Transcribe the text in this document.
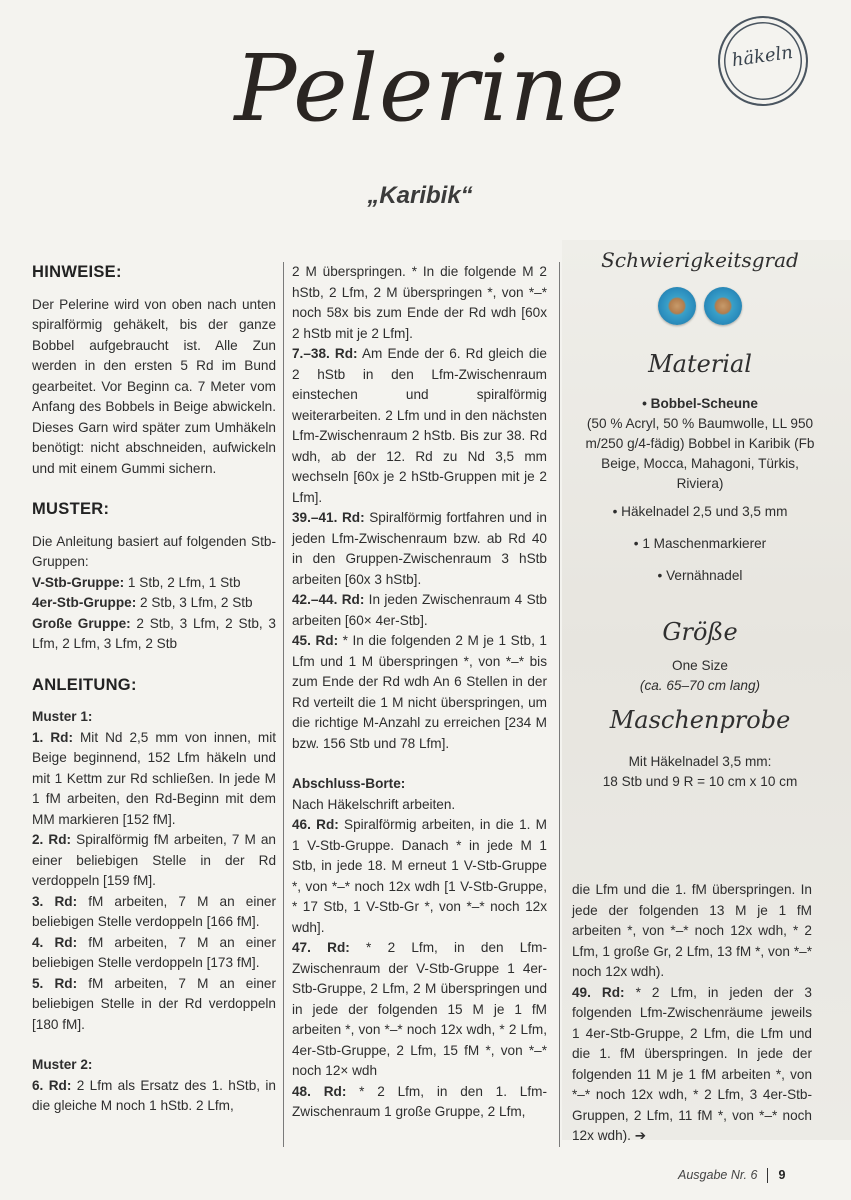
häkeln
Pelerine
„Karibik“
HINWEISE:

Der Pelerine wird von oben nach unten spiralförmig gehäkelt, bis der ganze Bobbel aufgebraucht ist. Alle Zun werden in den ersten 5 Rd im Bund gearbeitet. Vor Beginn ca. 7 Meter vom Anfang des Bobbels in Beige abwickeln. Dieses Garn wird später zum Umhäkeln benötigt: nicht abschneiden, aufwickeln und mit einem Gummi sichern.

MUSTER:

Die Anleitung basiert auf folgenden Stb-Gruppen:

V-Stb-Gruppe: 1 Stb, 2 Lfm, 1 Stb

4er-Stb-Gruppe: 2 Stb, 3 Lfm, 2 Stb

Große Gruppe: 2 Stb, 3 Lfm, 2 Stb, 3 Lfm, 2 Lfm, 3 Lfm, 2 Stb

ANLEITUNG:

Muster 1:

1. Rd: Mit Nd 2,5 mm von innen, mit Beige beginnend, 152 Lfm häkeln und mit 1 Kettm zur Rd schließen. In jede M 1 fM arbeiten, den Rd-Beginn mit dem MM markieren [152 fM].

2. Rd: Spiralförmig fM arbeiten, 7 M an einer beliebigen Stelle in der Rd verdoppeln [159 fM].

3. Rd: fM arbeiten, 7 M an einer beliebigen Stelle verdoppeln [166 fM].

4. Rd: fM arbeiten, 7 M an einer beliebigen Stelle verdoppeln [173 fM].

5. Rd: fM arbeiten, 7 M an einer beliebigen Stelle in der Rd verdoppeln [180 fM].

Muster 2:

6. Rd: 2 Lfm als Ersatz des 1. hStb, in die gleiche M noch 1 hStb. 2 Lfm,

2 M überspringen. * In die folgende M 2 hStb, 2 Lfm, 2 M überspringen *, von *–* noch 58x bis zum Ende der Rd wdh [60x 2 hStb mit je 2 Lfm].

7.–38. Rd: Am Ende der 6. Rd gleich die 2 hStb in den Lfm-Zwischenraum einstechen und spiralförmig weiterarbeiten. 2 Lfm und in den nächsten Lfm-Zwischenraum 2 hStb. Bis zur 38. Rd wdh, ab der 12. Rd zu Nd 3,5 mm wechseln [60x je 2 hStb-Gruppen mit je 2 Lfm].

39.–41. Rd: Spiralförmig fortfahren und in jeden Lfm-Zwischenraum bzw. ab Rd 40 in den Gruppen-Zwischenraum 3 hStb arbeiten [60x 3 hStb].

42.–44. Rd: In jeden Zwischenraum 4 Stb arbeiten [60× 4er-Stb].

45. Rd: * In die folgenden 2 M je 1 Stb, 1 Lfm und 1 M überspringen *, von *–* bis zum Ende der Rd wdh An 6 Stellen in der Rd verteilt die 1 M nicht überspringen, um die richtige M-Anzahl zu erreichen [234 M bzw. 156 Stb und 78 Lfm].

Abschluss-Borte:

Nach Häkelschrift arbeiten.

46. Rd: Spiralförmig arbeiten, in die 1. M 1 V-Stb-Gruppe. Danach * in jede M 1 Stb, in jede 18. M erneut 1 V-Stb-Gruppe *, von *–* noch 12x wdh [1 V-Stb-Gruppe, * 17 Stb, 1 V-Stb-Gr *, von *–* noch 12x wdh].

47. Rd: * 2 Lfm, in den Lfm-Zwischenraum der V-Stb-Gruppe 1 4er-Stb-Gruppe, 2 Lfm, 2 M überspringen und in jede der folgenden 15 M je 1 fM arbeiten *, von *–* noch 12x wdh, * 2 Lfm, 4er-Stb-Gruppe, 2 Lfm, 15 fM *, von *–* noch 12× wdh

48. Rd: * 2 Lfm, in den 1. Lfm-Zwischenraum 1 große Gruppe, 2 Lfm,

Schwierigkeitsgrad
Material
• Bobbel-Scheune
(50 % Acryl, 50 % Baumwolle, LL 950 m/250 g/4-fädig) Bobbel in Karibik (Fb Beige, Mocca, Mahagoni, Türkis, Riviera)
• Häkelnadel 2,5 und 3,5 mm
• 1 Maschenmarkierer
• Vernähnadel
Größe
One Size
(ca. 65–70 cm lang)
Maschenprobe
Mit Häkelnadel 3,5 mm:
18 Stb und 9 R = 10 cm x 10 cm

die Lfm und die 1. fM überspringen. In jede der folgenden 13 M je 1 fM arbeiten *, von *–* noch 12x wdh, * 2 Lfm, 1 große Gr, 2 Lfm, 13 fM *, von *–* noch 12x wdh).

49. Rd: * 2 Lfm, in jeden der 3 folgenden Lfm-Zwischenräume jeweils 1 4er-Stb-Gruppe, 2 Lfm, die Lfm und die 1. fM überspringen. In jede der folgenden 11 M je 1 fM arbeiten *, von *–* noch 12x wdh, * 2 Lfm, 3 4er-Stb-Gruppen, 2 Lfm, 11 fM *, von *–* noch 12x wdh). ➔

Ausgabe Nr. 6 9
